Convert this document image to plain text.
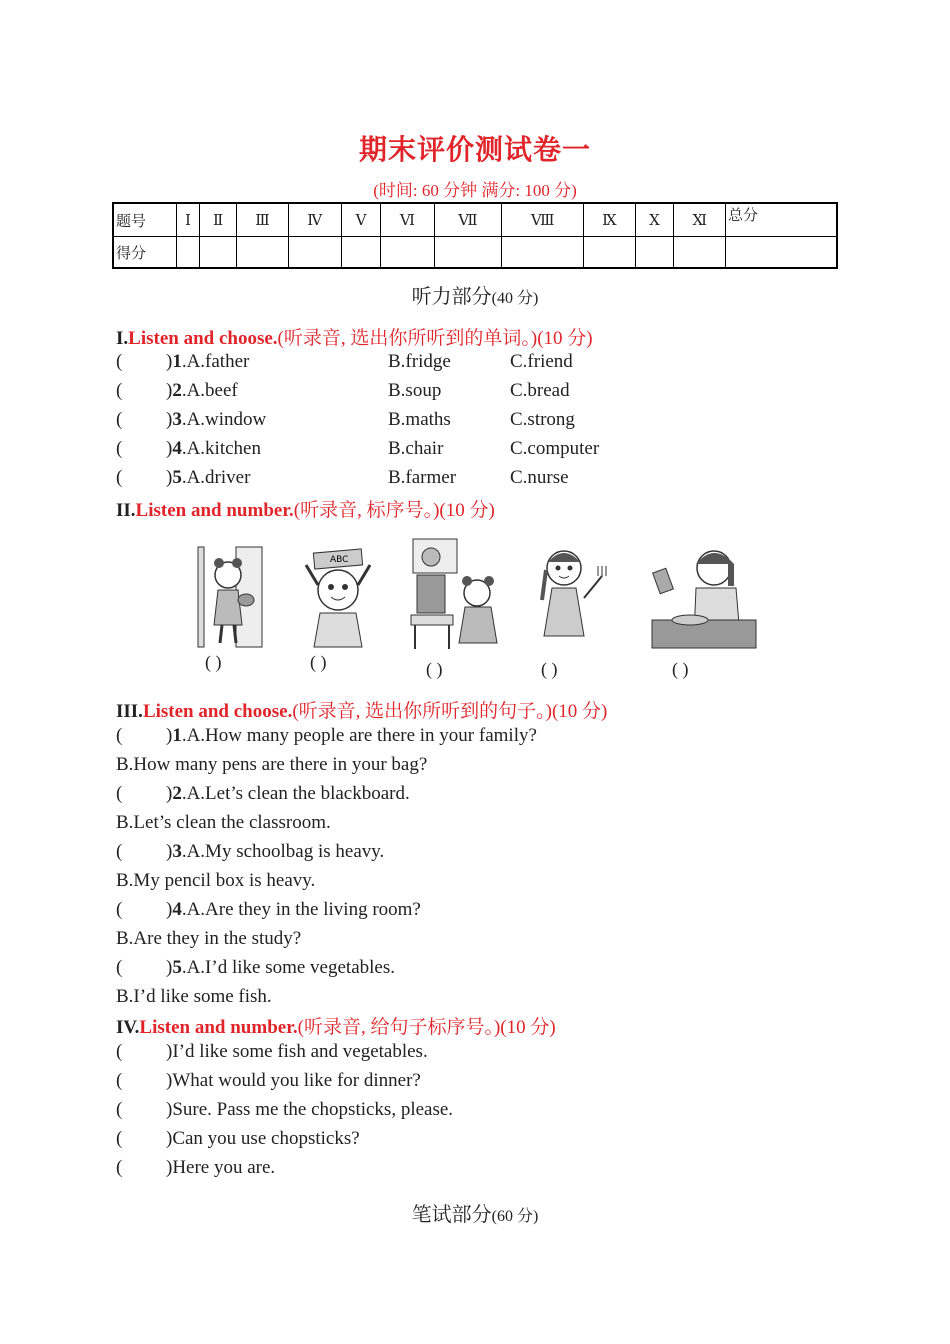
期末评价测试卷一
(时间: 60 分钟 满分: 100 分)
题号	Ⅰ	Ⅱ	Ⅲ	Ⅳ	Ⅴ	Ⅵ	Ⅶ	Ⅷ	Ⅸ	Ⅹ	Ⅺ	总分
得分												
听力部分(40 分)
I.Listen and choose.(听录音, 选出你所听到的单词。)(10 分)
( )1.A.father	B.fridge	C.friend
( )2.A.beef	B.soup	C.bread
( )3.A.window	B.maths	C.strong
( )4.A.kitchen	B.chair	C.computer
( )5.A.driver	B.farmer	C.nurse
II.Listen and number.(听录音, 标序号。)(10 分)
ABC
( )	( )	( )	( )	( )
III.Listen and choose.(听录音, 选出你所听到的句子。)(10 分)
( )1.A.How many people are there in your family?
B.How many pens are there in your bag?
( )2.A.Let’s clean the blackboard.
B.Let’s clean the classroom.
( )3.A.My schoolbag is heavy.
B.My pencil box is heavy.
( )4.A.Are they in the living room?
B.Are they in the study?
( )5.A.I’d like some vegetables.
B.I’d like some fish.
IV.Listen and number.(听录音, 给句子标序号。)(10 分)
( )I’d like some fish and vegetables.
( )What would you like for dinner?
( )Sure. Pass me the chopsticks, please.
( )Can you use chopsticks?
( )Here you are.
笔试部分(60 分)
